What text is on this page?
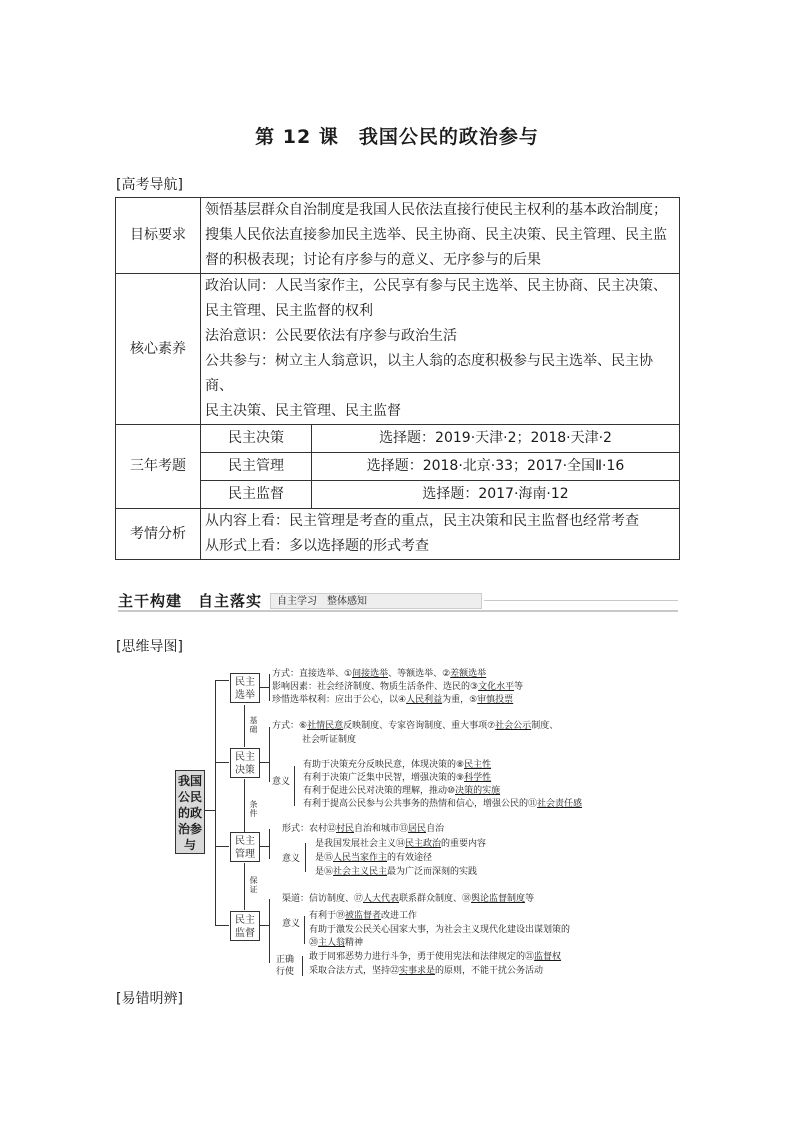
第 12 课　我国公民的政治参与
[高考导航]
目标要求	领悟基层群众自治制度是我国人民依法直接行使民主权利的基本政治制度；
搜集人民依法直接参加民主选举、民主协商、民主决策、民主管理、民主监
督的积极表现；讨论有序参与的意义、无序参与的后果	

核心素养	政治认同：人民当家作主，公民享有参与民主选举、民主协商、民主决策、
民主管理、民主监督的权利
法治意识：公民要依法有序参与政治生活
公共参与：树立主人翁意识，以主人翁的态度积极参与民主选举、民主协商、
民主决策、民主管理、民主监督	

三年考题	民主决策	选择题：2019·天津·2；2018·天津·2
	民主管理	选择题：2018·北京·33；2017·全国Ⅱ·16
	民主监督	选择题：2017·海南·12
考情分析	从内容上看：民主管理是考查的重点，民主决策和民主监督也经常考查
从形式上看：多以选择题的形式考查	
主干构建　自主落实	自主学习　整体感知
[思维导图]
我国公民的政治参与
基础
条件
保证
民主选举
民主决策
民主管理
民主监督
方式：直接选举、①间接选举、等额选举、②差额选举
影响因素：社会经济制度、物质生活条件、选民的③文化水平等
珍惜选举权利：应出于公心，以④人民利益为重，⑤审慎投票
方式：⑥社情民意反映制度、专家咨询制度、重大事项⑦社会公示制度、
社会听证制度
意义
有助于决策充分反映民意，体现决策的⑧民主性
有利于决策广泛集中民智，增强决策的⑨科学性
有利于促进公民对决策的理解，推动⑩决策的实施
有利于提高公民参与公共事务的热情和信心，增强公民的⑪社会责任感
形式：农村⑫村民自治和城市⑬居民自治
意义
是我国发展社会主义⑭民主政治的重要内容
是⑮人民当家作主的有效途径
是⑯社会主义民主最为广泛而深刻的实践
渠道：信访制度、⑰人大代表联系群众制度、⑱舆论监督制度等
意义
有利于⑲被监督者改进工作
有助于激发公民关心国家大事，为社会主义现代化建设出谋划策的
⑳主人翁精神
正确行使
敢于同邪恶势力进行斗争，勇于使用宪法和法律规定的㉑监督权
采取合法方式，坚持㉒实事求是的原则，不能干扰公务活动
[易错明辨]
